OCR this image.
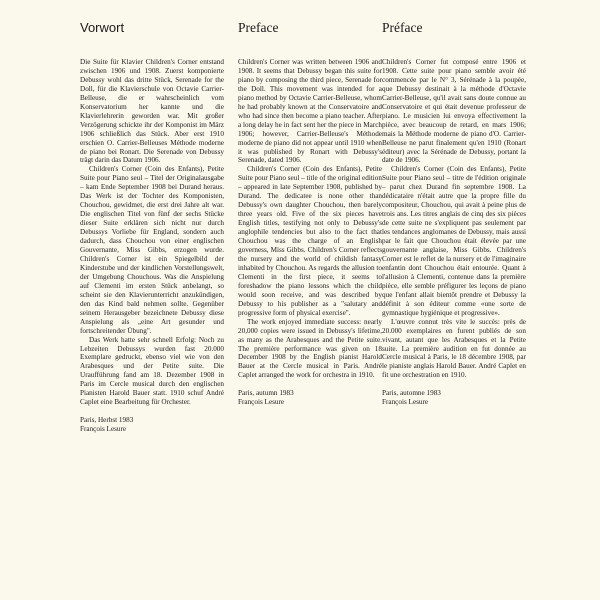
Vorwort

Die Suite für Klavier Children's Corner entstand zwischen 1906 und 1908. Zuerst komponierte Debussy wohl das dritte Stück, Serenade for the Doll, für die Klavierschule von Octavie Carrier-Belleuse, die er wahrscheinlich vom Konservatorium her kannte und die Klavierlehrerin geworden war. Mit großer Verzögerung schickte ihr der Komponist im März 1906 schließlich das Stück. Aber erst 1910 erschien O. Carrier-Belleuses Méthode moderne de piano bei Ronart. Die Serenade von Debussy trägt darin das Datum 1906.

Children's Corner (Coin des Enfants), Petite Suite pour Piano seul – Titel der Originalausgabe – kam Ende September 1908 bei Durand heraus. Das Werk ist der Tochter des Komponisten, Chouchou, gewidmet, die erst drei Jahre alt war. Die englischen Titel von fünf der sechs Stücke dieser Suite erklären sich nicht nur durch Debussys Vorliebe für England, sondern auch dadurch, dass Chouchou von einer englischen Gouvernante, Miss Gibbs, erzogen wurde. Children's Corner ist ein Spiegelbild der Kinderstube und der kindlichen Vorstellungswelt, der Umgebung Chouchous. Was die Anspielung auf Clementi im ersten Stück anbelangt, so scheint sie den Klavierunterricht anzukündigen, den das Kind bald nehmen sollte. Gegenüber seinem Herausgeber bezeichnete Debussy diese Anspielung als „eine Art gesunder und fortschreitender Übung".

Das Werk hatte sehr schnell Erfolg: Noch zu Lebzeiten Debussys wurden fast 20.000 Exemplare gedruckt, ebenso viel wie von den Arabesques und der Petite suite. Die Uraufführung fand am 18. Dezember 1908 in Paris im Cercle musical durch den englischen Pianisten Harold Bauer statt. 1910 schuf André Caplet eine Bearbeitung für Orchester.

Paris, Herbst 1983
François Lesure

Preface

Children's Corner was written between 1906 and 1908. It seems that Debussy began this suite for piano by composing the third piece, Serenade for the Doll. This movement was intended for a piano method by Octavie Carrier-Belleuse, whom he had probably known at the Conservatoire and who had since then become a piano teacher. After a long delay he in fact sent her the piece in March 1906; however, Carrier-Belleuse's Méthode moderne de piano did not appear until 1910 when it was published by Ronart with Debussy's Serenade, dated 1906.

Children's Corner (Coin des Enfants), Petite Suite pour Piano seul – title of the original edition – appeared in late September 1908, published by Durand. The dedicatee is none other than Debussy's own daughter Chouchou, then barely three years old. Five of the six pieces have English titles, testifying not only to Debussy's anglophile tendencies but also to the fact that Chouchou was the charge of an English governess, Miss Gibbs. Children's Corner reflects the nursery and the world of childish fantasy inhabited by Chouchou. As regards the allusion to Clementi in the first piece, it seems to foreshadow the piano lessons which the child would soon receive, and was described by Debussy to his publisher as a "salutary and progressive form of physical exercise".

The work enjoyed immediate success: nearly 20,000 copies were issued in Debussy's lifetime, as many as the Arabesques and the Petite suite. The première performance was given on 18 December 1908 by the English pianist Harold Bauer at the Cercle musical in Paris. André Caplet arranged the work for orchestra in 1910.

Paris, autumn 1983
François Lesure

Préface

Children's Corner fut composé entre 1906 et 1908. Cette suite pour piano semble avoir été commencée par le N° 3, Sérénade à la poupée, que Debussy destinait à la méthode d'Octavie Carrier-Belleuse, qu'il avait sans doute connue au Conservatoire et qui était devenue professeur de piano. Le musicien lui envoya effectivement la pièce, avec beaucoup de retard, en mars 1906; mais la Méthode moderne de piano d'O. Carrier-Belleuse ne parut finalement qu'en 1910 (Ronart éditeur) avec la Sérénade de Debussy, portant la date de 1906.

Children's Corner (Coin des Enfants), Petite Suite pour Piano seul – titre de l'édition originale – parut chez Durand fin septembre 1908. La dédicataire n'était autre que la propre fille du compositeur, Chouchou, qui avait à peine plus de trois ans. Les titres anglais de cinq des six pièces de cette suite ne s'expliquent pas seulement par les tendances anglomanes de Debussy, mais aussi par le fait que Chouchou était élevée par une gouvernante anglaise, Miss Gibbs. Children's Corner est le reflet de la nursery et de l'imaginaire enfantin dont Chouchou était entourée. Quant à l'allusion à Clementi, contenue dans la première pièce, elle semble préfigurer les leçons de piano que l'enfant allait bientôt prendre et Debussy la définit à son éditeur comme «une sorte de gymnastique hygiénique et progressive».

L'œuvre connut très vite le succès: près de 20.000 exemplaires en furent publiés de son vivant, autant que les Arabesques et la Petite suite. La première audition en fut donnée au Cercle musical à Paris, le 18 décembre 1908, par le pianiste anglais Harold Bauer. André Caplet en fit une orchestration en 1910.

Paris, automne 1983
François Lesure
